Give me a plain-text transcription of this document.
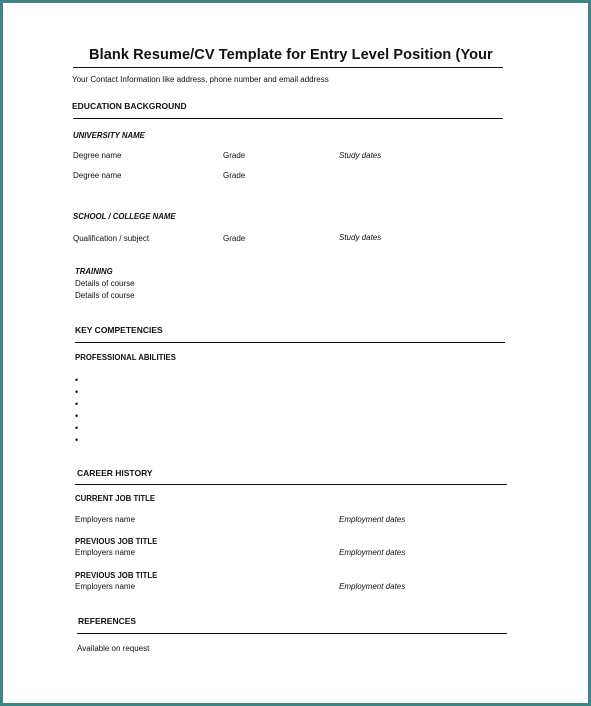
Blank Resume/CV Template for Entry Level Position (Your
Your Contact Information like address, phone number and email address
EDUCATION BACKGROUND
UNIVERSITY NAME
Degree name	Grade	Study dates
Degree name	Grade
SCHOOL / COLLEGE NAME
Qualification / subject	Grade	Study dates
TRAINING
Details of course
Details of course
KEY COMPETENCIES
PROFESSIONAL ABILITIES
•
•
•
•
•
•
CAREER HISTORY
CURRENT JOB TITLE
Employers name	Employment dates
PREVIOUS JOB TITLE
Employers name	Employment dates
PREVIOUS JOB TITLE
Employers name	Employment dates
REFERENCES
Available on request
